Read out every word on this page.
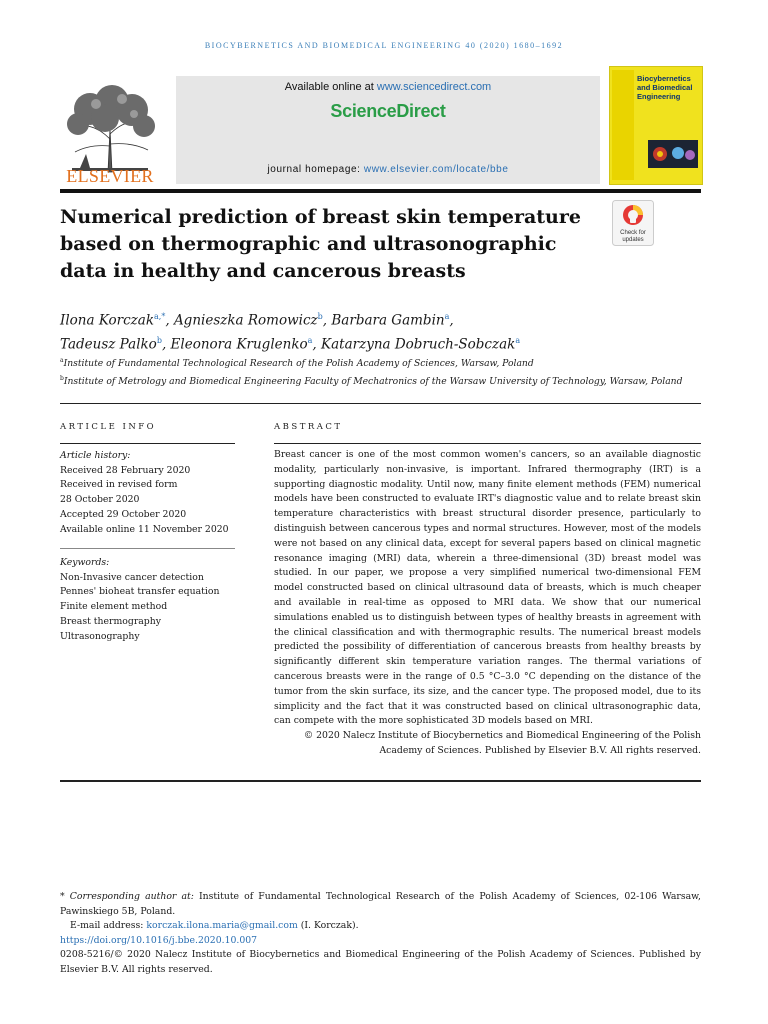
BIOCYBERNETICS AND BIOMEDICAL ENGINEERING 40 (2020) 1680–1692
ELSEVIER
Available online at www.sciencedirect.com
ScienceDirect
journal homepage: www.elsevier.com/locate/bbe
Biocybernetics
and Biomedical
Engineering
Numerical prediction of breast skin temperature based on thermographic and ultrasonographic data in healthy and cancerous breasts
Check for
updates
Ilona Korczak$^{a,*}$, Agnieszka Romowicz$^b$, Barbara Gambin$^a$,
Tadeusz Palko$^b$, Eleonora Kruglenko$^a$, Katarzyna Dobruch-Sobczak$^a$
$^a$Institute of Fundamental Technological Research of the Polish Academy of Sciences, Warsaw, Poland
$^b$Institute of Metrology and Biomedical Engineering Faculty of Mechatronics of the Warsaw University of Technology, Warsaw, Poland
ARTICLE INFO
Article history:
Received 28 February 2020
Received in revised form
28 October 2020
Accepted 29 October 2020
Available online 11 November 2020
Keywords:
Non-Invasive cancer detection
Pennes' bioheat transfer equation
Finite element method
Breast thermography
Ultrasonography
ABSTRACT
Breast cancer is one of the most common women's cancers, so an available diagnostic modality, particularly non-invasive, is important. Infrared thermography (IRT) is a supporting diagnostic modality. Until now, many finite element methods (FEM) numerical models have been constructed to evaluate IRT's diagnostic value and to relate breast skin temperature characteristics with breast structural disorder presence, particularly to distinguish between cancerous types and normal structures. However, most of the models were not based on any clinical data, except for several papers based on clinical magnetic resonance imaging (MRI) data, wherein a three-dimensional (3D) breast model was studied. In our paper, we propose a very simplified numerical two-dimensional FEM model constructed based on clinical ultrasound data of breasts, which is much cheaper and available in real-time as opposed to MRI data. We show that our numerical simulations enabled us to distinguish between types of healthy breasts in agreement with the clinical classification and with thermographic results. The numerical breast models predicted the possibility of differentiation of cancerous breasts from healthy breasts by significantly different skin temperature variation ranges. The thermal variations of cancerous breasts were in the range of 0.5 °C–3.0 °C depending on the distance of the tumor from the skin surface, its size, and the cancer type. The proposed model, due to its simplicity and the fact that it was constructed based on clinical ultrasonographic data, can compete with the more sophisticated 3D models based on MRI.
© 2020 Nalecz Institute of Biocybernetics and Biomedical Engineering of the Polish Academy of Sciences. Published by Elsevier B.V. All rights reserved.
* Corresponding author at: Institute of Fundamental Technological Research of the Polish Academy of Sciences, 02-106 Warsaw, Pawinskiego 5B, Poland.
E-mail address: korczak.ilona.maria@gmail.com (I. Korczak).
https://doi.org/10.1016/j.bbe.2020.10.007
0208-5216/© 2020 Nalecz Institute of Biocybernetics and Biomedical Engineering of the Polish Academy of Sciences. Published by Elsevier B.V. All rights reserved.
